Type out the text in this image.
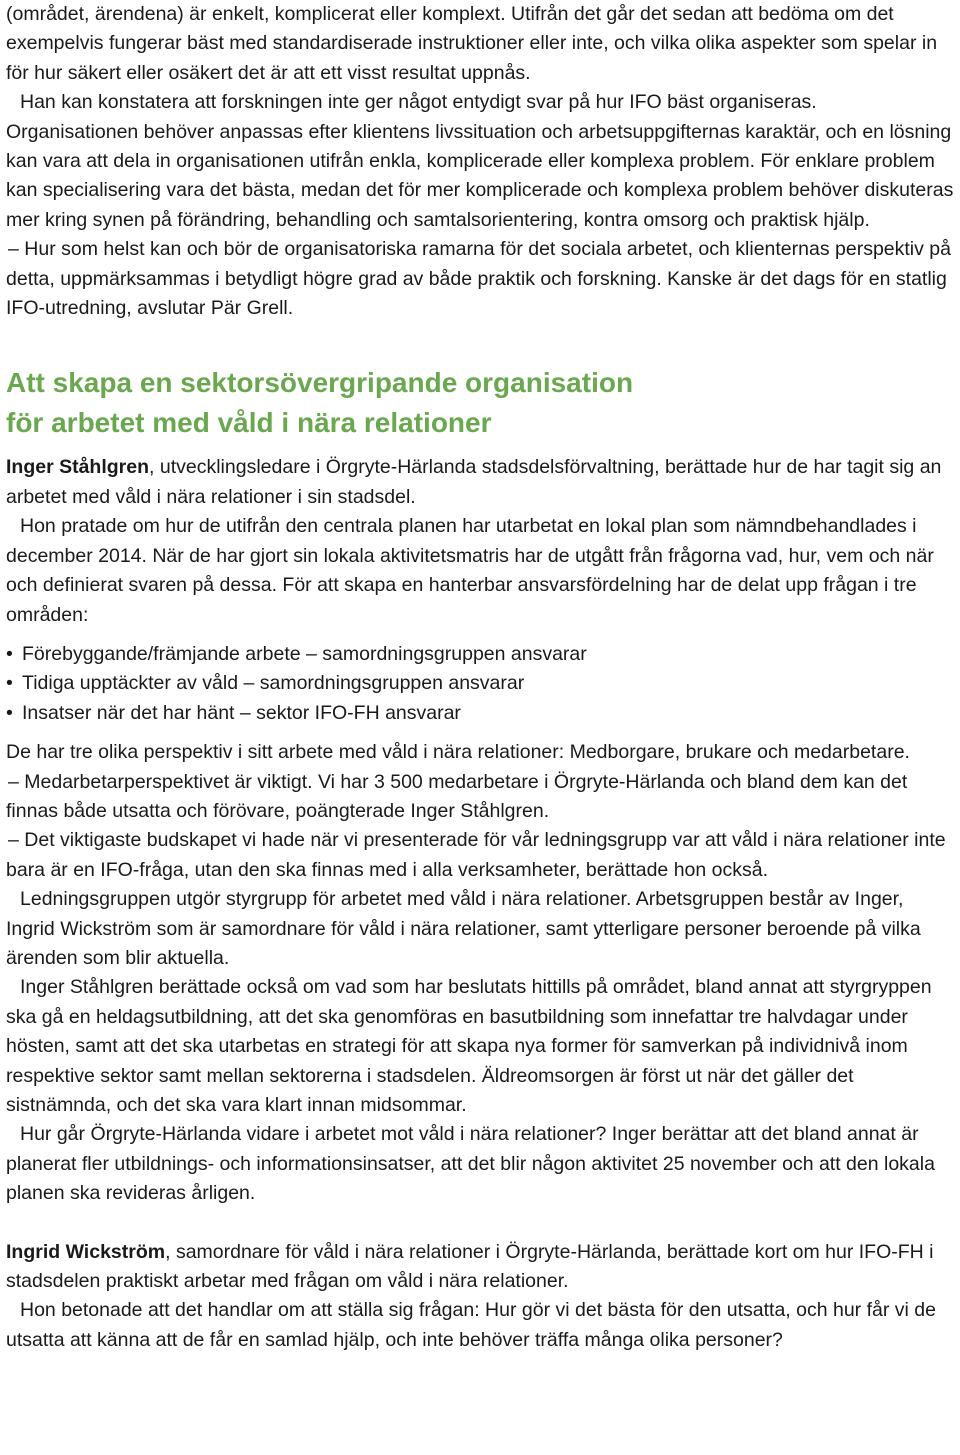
(området, ärendena) är enkelt, komplicerat eller komplext. Utifrån det går det sedan att bedöma om det exempelvis fungerar bäst med standardiserade instruktioner eller inte, och vilka olika aspekter som spelar in för hur säkert eller osäkert det är att ett visst resultat uppnås.

Han kan konstatera att forskningen inte ger något entydigt svar på hur IFO bäst organiseras. Organisationen behöver anpassas efter klientens livssituation och arbetsuppgifternas karaktär, och en lösning kan vara att dela in organisationen utifrån enkla, komplicerade eller komplexa problem. För enklare problem kan specialisering vara det bästa, medan det för mer komplicerade och komplexa problem behöver diskuteras mer kring synen på förändring, behandling och samtalsorientering, kontra omsorg och praktisk hjälp.

– Hur som helst kan och bör de organisatoriska ramarna för det sociala arbetet, och klienternas perspektiv på detta, uppmärksammas i betydligt högre grad av både praktik och forskning. Kanske är det dags för en statlig IFO-utredning, avslutar Pär Grell.

Att skapa en sektorsövergripande organisation
för arbetet med våld i nära relationer

Inger Ståhlgren, utvecklingsledare i Örgryte-Härlanda stadsdelsförvaltning, berättade hur de har tagit sig an arbetet med våld i nära relationer i sin stadsdel.

Hon pratade om hur de utifrån den centrala planen har utarbetat en lokal plan som nämndbehandlades i december 2014. När de har gjort sin lokala aktivitetsmatris har de utgått från frågorna vad, hur, vem och när och definierat svaren på dessa. För att skapa en hanterbar ansvarsfördelning har de delat upp frågan i tre områden:

• Förebyggande/främjande arbete – samordningsgruppen ansvarar
• Tidiga upptäckter av våld – samordningsgruppen ansvarar
• Insatser när det har hänt – sektor IFO-FH ansvarar

De har tre olika perspektiv i sitt arbete med våld i nära relationer: Medborgare, brukare och medarbetare.

– Medarbetarperspektivet är viktigt. Vi har 3 500 medarbetare i Örgryte-Härlanda och bland dem kan det finnas både utsatta och förövare, poängterade Inger Ståhlgren.

– Det viktigaste budskapet vi hade när vi presenterade för vår ledningsgrupp var att våld i nära relationer inte bara är en IFO-fråga, utan den ska finnas med i alla verksamheter, berättade hon också.

Ledningsgruppen utgör styrgrupp för arbetet med våld i nära relationer. Arbetsgruppen består av Inger, Ingrid Wickström som är samordnare för våld i nära relationer, samt ytterligare personer beroende på vilka ärenden som blir aktuella.

Inger Ståhlgren berättade också om vad som har beslutats hittills på området, bland annat att styrgryppen ska gå en heldagsutbildning, att det ska genomföras en basutbildning som innefattar tre halvdagar under hösten, samt att det ska utarbetas en strategi för att skapa nya former för samverkan på individnivå inom respektive sektor samt mellan sektorerna i stadsdelen. Äldreomsorgen är först ut när det gäller det sistnämnda, och det ska vara klart innan midsommar.

Hur går Örgryte-Härlanda vidare i arbetet mot våld i nära relationer? Inger berättar att det bland annat är planerat fler utbildnings- och informationsinsatser, att det blir någon aktivitet 25 november och att den lokala planen ska revideras årligen.

Ingrid Wickström, samordnare för våld i nära relationer i Örgryte-Härlanda, berättade kort om hur IFO-FH i stadsdelen praktiskt arbetar med frågan om våld i nära relationer.

Hon betonade att det handlar om att ställa sig frågan: Hur gör vi det bästa för den utsatta, och hur får vi de utsatta att känna att de får en samlad hjälp, och inte behöver träffa många olika personer?
